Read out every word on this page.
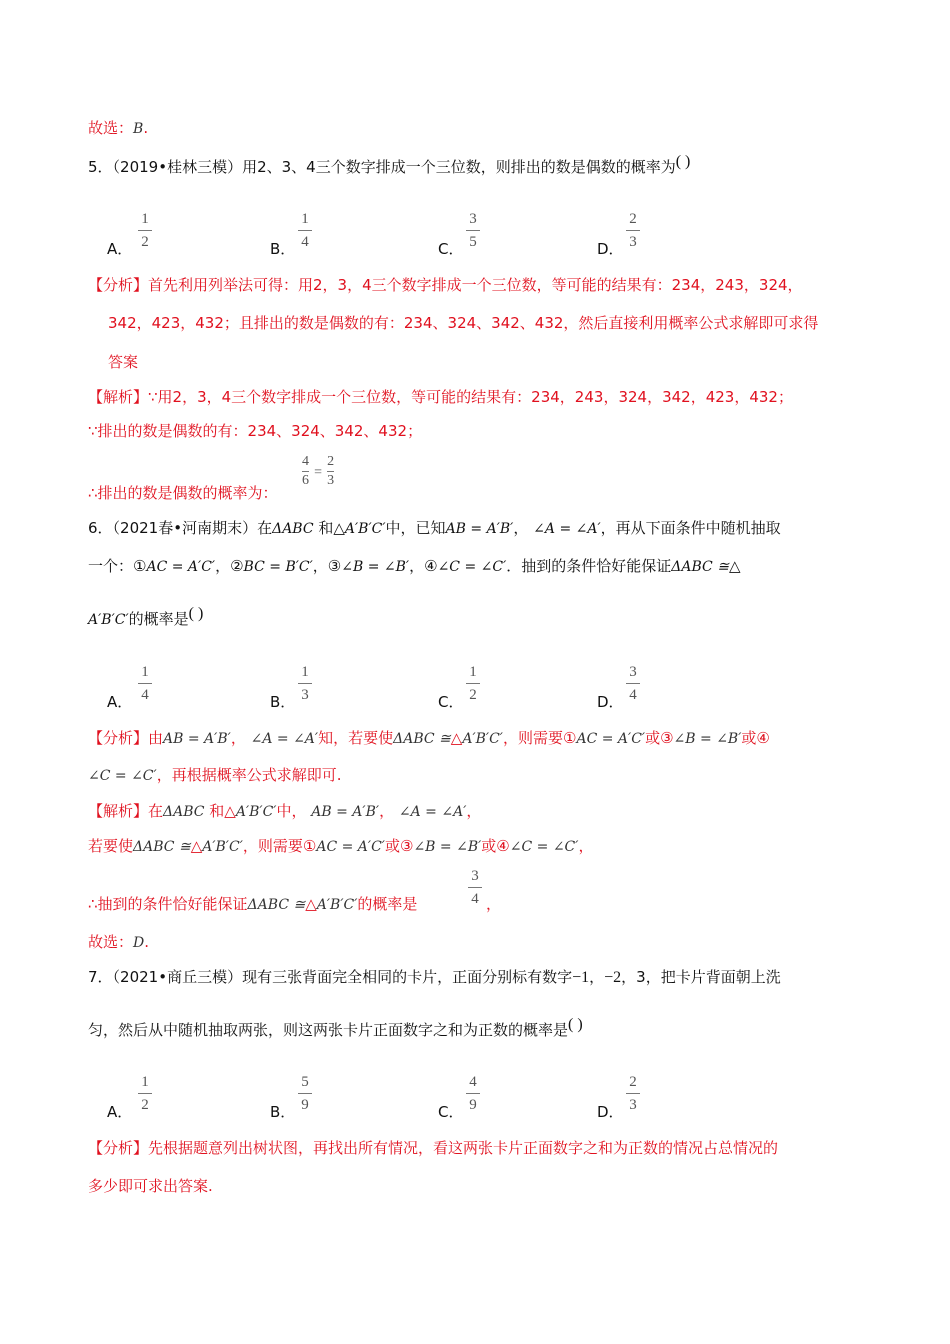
故选：B.
5．（2019•桂林三模）用2、3、4三个数字排成一个三位数，则排出的数是偶数的概率为( )
A．
1
2	B．
1
4	C．
3
5	D．
2
3
【分析】首先利用列举法可得：用2，3，4三个数字排成一个三位数，等可能的结果有：234，243，324，
342，423，432；且排出的数是偶数的有：234、324、342、432，然后直接利用概率公式求解即可求得
答案
【解析】∵用2，3，4三个数字排成一个三位数，等可能的结果有：234，243，324，342，423，432；
∵排出的数是偶数的有：234、324、342、432；
∴排出的数是偶数的概率为：
$\frac{4}{6} = \frac{2}{3}$
6．（2021春•河南期末）在ΔABC 和△A′B′C′中，已知AB = A′B′， ∠A = ∠A′，再从下面条件中随机抽取
一个：①AC = A′C′，②BC = B′C′，③∠B = ∠B′，④∠C = ∠C′．抽到的条件恰好能保证ΔABC ≅△
A′B′C′的概率是( )
A．
1
4	B．
1
3	C．
1
2	D．
3
4
【分析】由AB = A′B′， ∠A = ∠A′知，若要使ΔABC ≅△A′B′C′，则需要①AC = A′C′或③∠B = ∠B′或④
∠C = ∠C′，再根据概率公式求解即可.
【解析】在ΔABC 和△A′B′C′中， AB = A′B′， ∠A = ∠A′，
若要使ΔABC ≅△A′B′C′，则需要①AC = A′C′或③∠B = ∠B′或④∠C = ∠C′，
∴抽到的条件恰好能保证ΔABC ≅△A′B′C′的概率是
3
4 ，
故选：D.
7．（2021•商丘三模）现有三张背面完全相同的卡片，正面分别标有数字−1，−2，3，把卡片背面朝上洗
匀，然后从中随机抽取两张，则这两张卡片正面数字之和为正数的概率是( )
A．
1
2	B．
5
9	C．
4
9	D．
2
3
【分析】先根据题意列出树状图，再找出所有情况，看这两张卡片正面数字之和为正数的情况占总情况的
多少即可求出答案.
